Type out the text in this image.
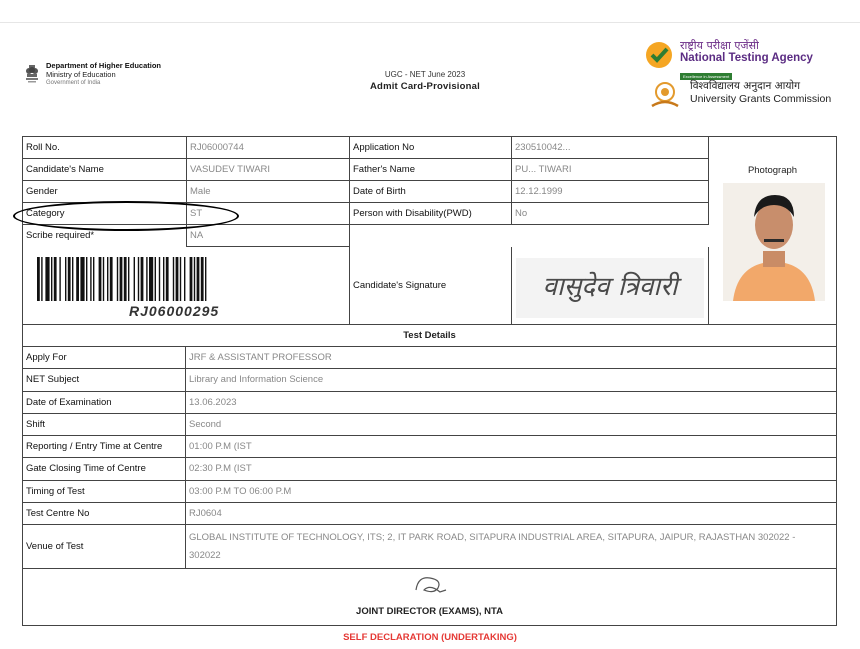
Department of Higher Education
Ministry of Education
Government of India
UGC - NET June 2023
Admit Card-Provisional
राष्ट्रीय परीक्षा एजेंसी
National Testing Agency
Excellence in Assessment
विश्वविद्यालय अनुदान आयोग
University Grants Commission
Roll No.	RJ06000744	Application No	230510042...
Candidate's Name	VASUDEV TIWARI	Father's Name	PU... TIWARI
Gender	Male	Date of Birth	12.12.1999
Category	ST	Person with Disability(PWD)	No
Scribe required*	NA
RJ06000295
Candidate's Signature	वासुदेव त्रिवारी
Photograph
Test Details
Apply For	JRF & ASSISTANT PROFESSOR
NET Subject	Library and Information Science
Date of Examination	13.06.2023
Shift	Second
Reporting / Entry Time at Centre	01:00 P.M (IST
Gate Closing Time of Centre	02:30 P.M (IST
Timing of Test	03:00 P.M TO 06:00 P.M
Test Centre No	RJ0604
Venue of Test
GLOBAL INSTITUTE OF TECHNOLOGY, ITS; 2, IT PARK ROAD, SITAPURA INDUSTRIAL AREA, SITAPURA, JAIPUR, RAJASTHAN 302022 -
302022
JOINT DIRECTOR (EXAMS), NTA
SELF DECLARATION (UNDERTAKING)
